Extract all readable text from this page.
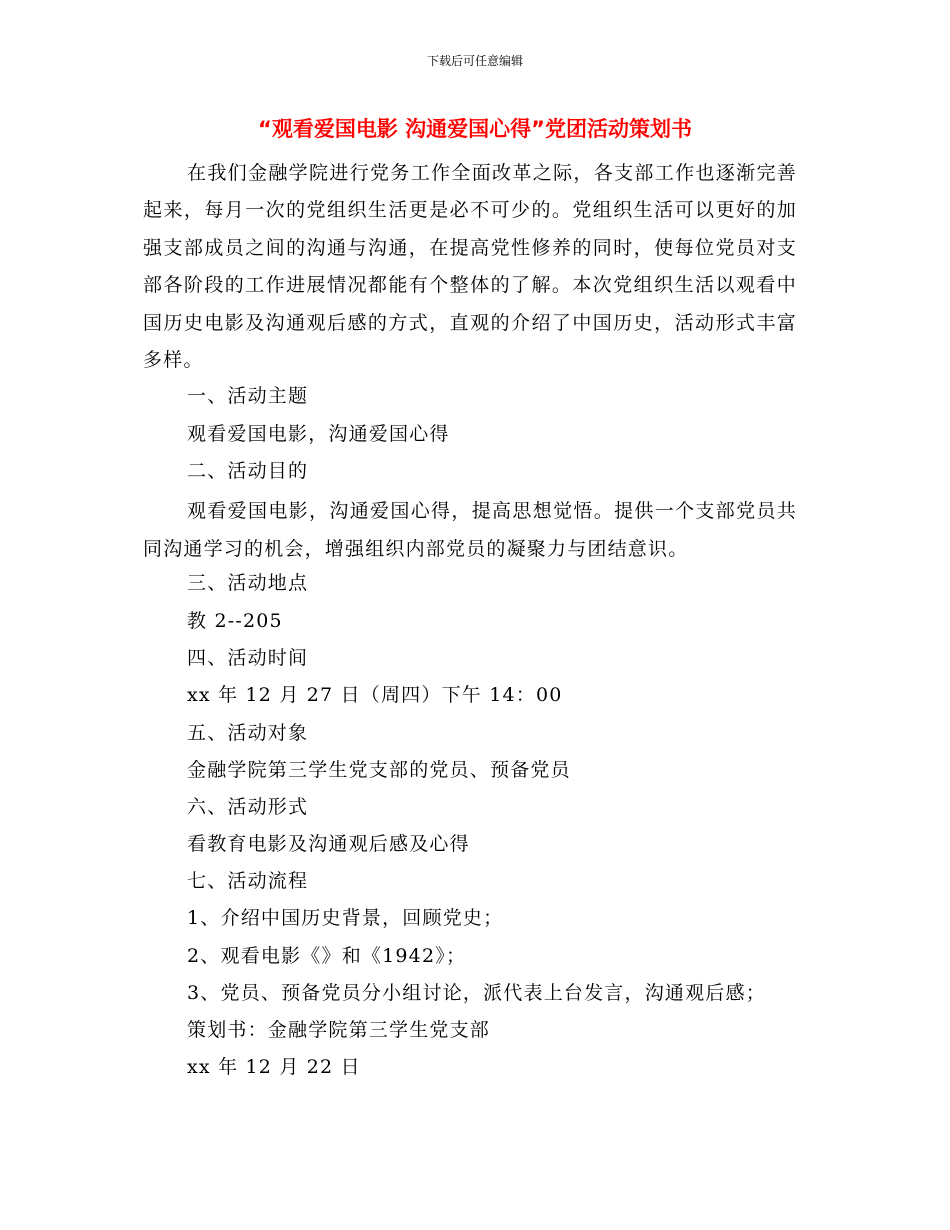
下载后可任意编辑
“观看爱国电影 沟通爱国心得”党团活动策划书

在我们金融学院进行党务工作全面改革之际，各支部工作也逐渐完善起来，每月一次的党组织生活更是必不可少的。党组织生活可以更好的加强支部成员之间的沟通与沟通，在提高党性修养的同时，使每位党员对支部各阶段的工作进展情况都能有个整体的了解。本次党组织生活以观看中国历史电影及沟通观后感的方式，直观的介绍了中国历史，活动形式丰富多样。

一、活动主题

观看爱国电影，沟通爱国心得

二、活动目的

观看爱国电影，沟通爱国心得，提高思想觉悟。提供一个支部党员共同沟通学习的机会，增强组织内部党员的凝聚力与团结意识。

三、活动地点

教 2--205

四、活动时间

xx 年 12 月 27 日（周四）下午 14：00

五、活动对象

金融学院第三学生党支部的党员、预备党员

六、活动形式

看教育电影及沟通观后感及心得

七、活动流程

1、介绍中国历史背景，回顾党史；

2、观看电影《》和《1942》；

3、党员、预备党员分小组讨论，派代表上台发言，沟通观后感；

策划书：金融学院第三学生党支部

xx 年 12 月 22 日
